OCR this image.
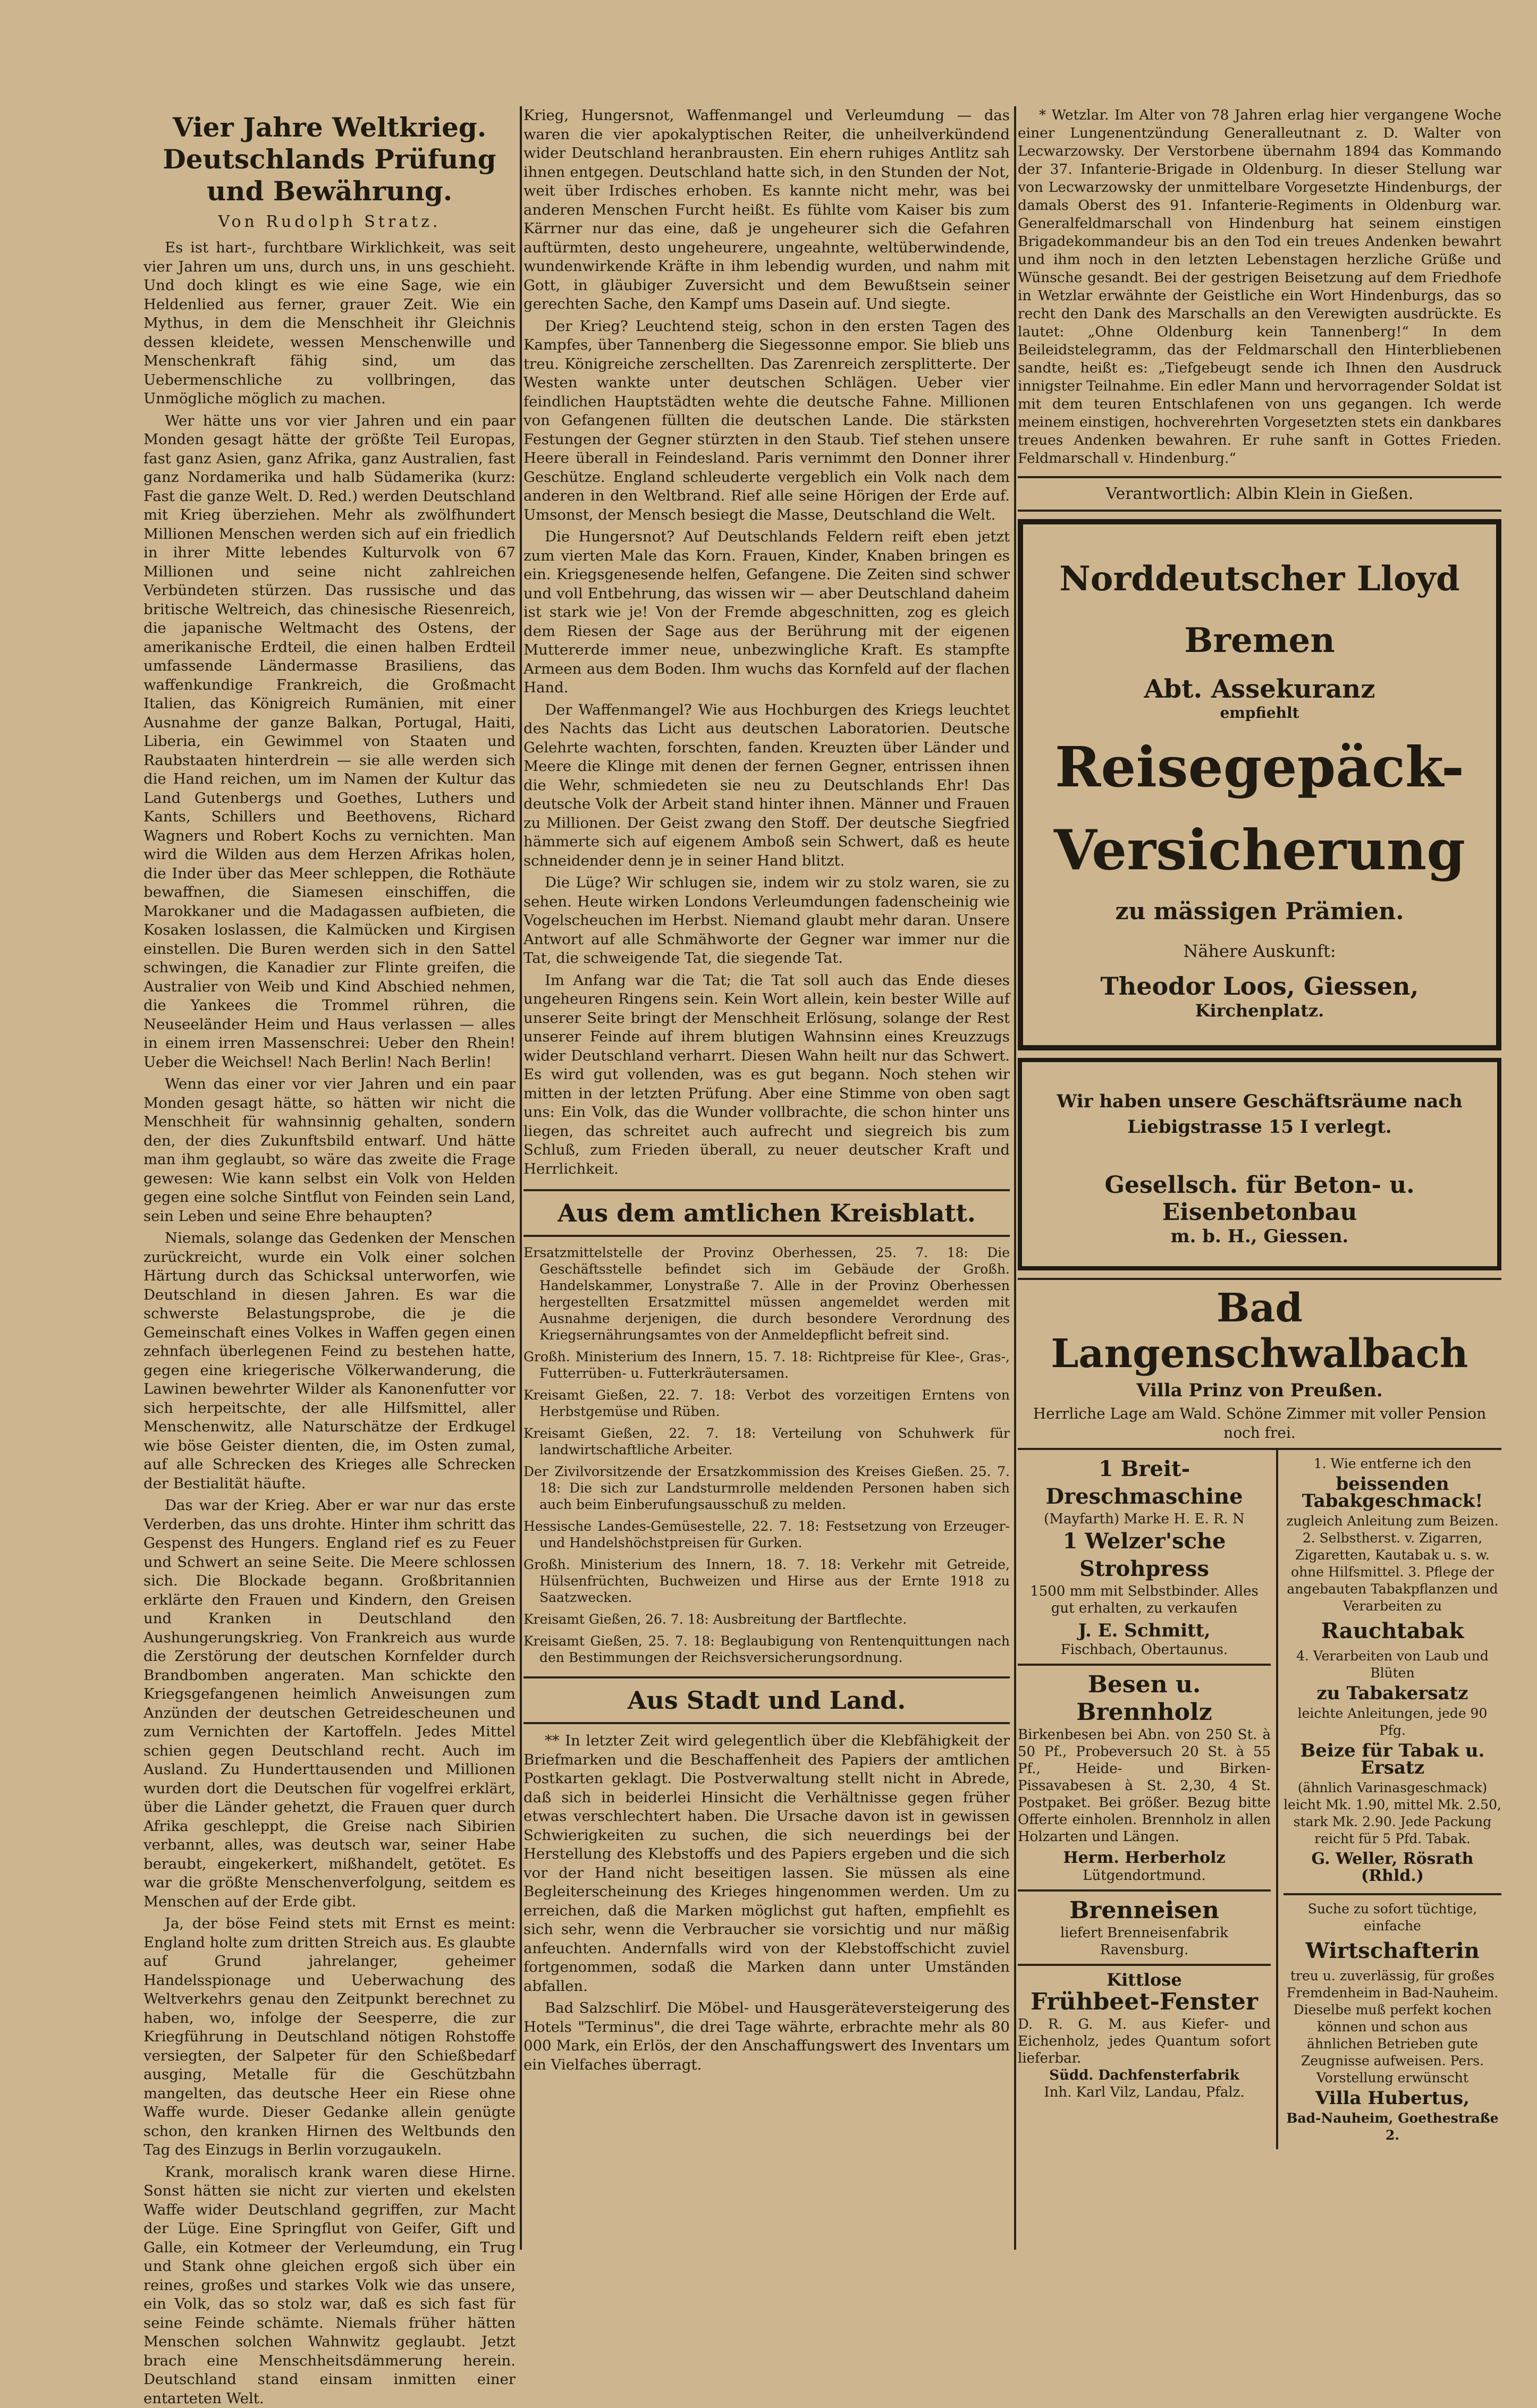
Vier Jahre Weltkrieg. Deutschlands Prüfung und Bewährung.
Von Rudolph Stratz.

Es ist hart-, furchtbare Wirklichkeit, was seit vier Jahren um uns, durch uns, in uns geschieht. Und doch klingt es wie eine Sage, wie ein Heldenlied aus ferner, grauer Zeit. Wie ein Mythus, in dem die Menschheit ihr Gleichnis dessen kleidete, wessen Menschenwille und Menschenkraft fähig sind, um das Uebermenschliche zu vollbringen, das Unmögliche möglich zu machen.

Wer hätte uns vor vier Jahren und ein paar Monden gesagt hätte der größte Teil Europas, fast ganz Asien, ganz Afrika, ganz Australien, fast ganz Nordamerika und halb Südamerika (kurz: Fast die ganze Welt. D. Red.) werden Deutschland mit Krieg überziehen. Mehr als zwölfhundert Millionen Menschen werden sich auf ein friedlich in ihrer Mitte lebendes Kulturvolk von 67 Millionen und seine nicht zahlreichen Verbündeten stürzen. Das russische und das britische Weltreich, das chinesische Riesenreich, die japanische Weltmacht des Ostens, der amerikanische Erdteil, die einen halben Erdteil umfassende Ländermasse Brasiliens, das waffenkundige Frankreich, die Großmacht Italien, das Königreich Rumänien, mit einer Ausnahme der ganze Balkan, Portugal, Haiti, Liberia, ein Gewimmel von Staaten und Raubstaaten hinterdrein — sie alle werden sich die Hand reichen, um im Namen der Kultur das Land Gutenbergs und Goethes, Luthers und Kants, Schillers und Beethovens, Richard Wagners und Robert Kochs zu vernichten. Man wird die Wilden aus dem Herzen Afrikas holen, die Inder über das Meer schleppen, die Rothäute bewaffnen, die Siamesen einschiffen, die Marokkaner und die Madagassen aufbieten, die Kosaken loslassen, die Kalmücken und Kirgisen einstellen. Die Buren werden sich in den Sattel schwingen, die Kanadier zur Flinte greifen, die Australier von Weib und Kind Abschied nehmen, die Yankees die Trommel rühren, die Neuseeländer Heim und Haus verlassen — alles in einem irren Massenschrei: Ueber den Rhein! Ueber die Weichsel! Nach Berlin! Nach Berlin!

Wenn das einer vor vier Jahren und ein paar Monden gesagt hätte, so hätten wir nicht die Menschheit für wahnsinnig gehalten, sondern den, der dies Zukunftsbild entwarf. Und hätte man ihm geglaubt, so wäre das zweite die Frage gewesen: Wie kann selbst ein Volk von Helden gegen eine solche Sintflut von Feinden sein Land, sein Leben und seine Ehre behaupten?

Niemals, solange das Gedenken der Menschen zurückreicht, wurde ein Volk einer solchen Härtung durch das Schicksal unterworfen, wie Deutschland in diesen Jahren. Es war die schwerste Belastungsprobe, die je die Gemeinschaft eines Volkes in Waffen gegen einen zehnfach überlegenen Feind zu bestehen hatte, gegen eine kriegerische Völkerwanderung, die Lawinen bewehrter Wilder als Kanonenfutter vor sich herpeitschte, der alle Hilfsmittel, aller Menschenwitz, alle Naturschätze der Erdkugel wie böse Geister dienten, die, im Osten zumal, auf alle Schrecken des Krieges alle Schrecken der Bestialität häufte.

Das war der Krieg. Aber er war nur das erste Verderben, das uns drohte. Hinter ihm schritt das Gespenst des Hungers. England rief es zu Feuer und Schwert an seine Seite. Die Meere schlossen sich. Die Blockade begann. Großbritannien erklärte den Frauen und Kindern, den Greisen und Kranken in Deutschland den Aushungerungskrieg. Von Frankreich aus wurde die Zerstörung der deutschen Kornfelder durch Brandbomben angeraten. Man schickte den Kriegsgefangenen heimlich Anweisungen zum Anzünden der deutschen Getreidescheunen und zum Vernichten der Kartoffeln. Jedes Mittel schien gegen Deutschland recht. Auch im Ausland. Zu Hunderttausenden und Millionen wurden dort die Deutschen für vogelfrei erklärt, über die Länder gehetzt, die Frauen quer durch Afrika geschleppt, die Greise nach Sibirien verbannt, alles, was deutsch war, seiner Habe beraubt, eingekerkert, mißhandelt, getötet. Es war die größte Menschenverfolgung, seitdem es Menschen auf der Erde gibt.

Ja, der böse Feind stets mit Ernst es meint: England holte zum dritten Streich aus. Es glaubte auf Grund jahrelanger, geheimer Handelsspionage und Ueberwachung des Weltverkehrs genau den Zeitpunkt berechnet zu haben, wo, infolge der Seesperre, die zur Kriegführung in Deutschland nötigen Rohstoffe versiegten, der Salpeter für den Schießbedarf ausging, Metalle für die Geschützbahn mangelten, das deutsche Heer ein Riese ohne Waffe wurde. Dieser Gedanke allein genügte schon, den kranken Hirnen des Weltbunds den Tag des Einzugs in Berlin vorzugaukeln.

Krank, moralisch krank waren diese Hirne. Sonst hätten sie nicht zur vierten und ekelsten Waffe wider Deutschland gegriffen, zur Macht der Lüge. Eine Springflut von Geifer, Gift und Galle, ein Kotmeer der Verleumdung, ein Trug und Stank ohne gleichen ergoß sich über ein reines, großes und starkes Volk wie das unsere, ein Volk, das so stolz war, daß es sich fast für seine Feinde schämte. Niemals früher hätten Menschen solchen Wahnwitz geglaubt. Jetzt brach eine Menschheitsdämmerung herein. Deutschland stand einsam inmitten einer entarteten Welt.

Krieg, Hungersnot, Waffenmangel und Verleumdung — das waren die vier apokalyptischen Reiter, die unheilverkündend wider Deutschland heranbrausten. Ein ehern ruhiges Antlitz sah ihnen entgegen. Deutschland hatte sich, in den Stunden der Not, weit über Irdisches erhoben. Es kannte nicht mehr, was bei anderen Menschen Furcht heißt. Es fühlte vom Kaiser bis zum Kärrner nur das eine, daß je ungeheurer sich die Gefahren auftürmten, desto ungeheurere, ungeahnte, weltüberwindende, wundenwirkende Kräfte in ihm lebendig wurden, und nahm mit Gott, in gläubiger Zuversicht und dem Bewußtsein seiner gerechten Sache, den Kampf ums Dasein auf. Und siegte.

Der Krieg? Leuchtend steig, schon in den ersten Tagen des Kampfes, über Tannenberg die Siegessonne empor. Sie blieb uns treu. Königreiche zerschellten. Das Zarenreich zersplitterte. Der Westen wankte unter deutschen Schlägen. Ueber vier feindlichen Hauptstädten wehte die deutsche Fahne. Millionen von Gefangenen füllten die deutschen Lande. Die stärksten Festungen der Gegner stürzten in den Staub. Tief stehen unsere Heere überall in Feindesland. Paris vernimmt den Donner ihrer Geschütze. England schleuderte vergeblich ein Volk nach dem anderen in den Weltbrand. Rief alle seine Hörigen der Erde auf. Umsonst, der Mensch besiegt die Masse, Deutschland die Welt.

Die Hungersnot? Auf Deutschlands Feldern reift eben jetzt zum vierten Male das Korn. Frauen, Kinder, Knaben bringen es ein. Kriegsgenesende helfen, Gefangene. Die Zeiten sind schwer und voll Entbehrung, das wissen wir — aber Deutschland daheim ist stark wie je! Von der Fremde abgeschnitten, zog es gleich dem Riesen der Sage aus der Berührung mit der eigenen Muttererde immer neue, unbezwingliche Kraft. Es stampfte Armeen aus dem Boden. Ihm wuchs das Kornfeld auf der flachen Hand.

Der Waffenmangel? Wie aus Hochburgen des Kriegs leuchtet des Nachts das Licht aus deutschen Laboratorien. Deutsche Gelehrte wachten, forschten, fanden. Kreuzten über Länder und Meere die Klinge mit denen der fernen Gegner, entrissen ihnen die Wehr, schmiedeten sie neu zu Deutschlands Ehr! Das deutsche Volk der Arbeit stand hinter ihnen. Männer und Frauen zu Millionen. Der Geist zwang den Stoff. Der deutsche Siegfried hämmerte sich auf eigenem Amboß sein Schwert, daß es heute schneidender denn je in seiner Hand blitzt.

Die Lüge? Wir schlugen sie, indem wir zu stolz waren, sie zu sehen. Heute wirken Londons Verleumdungen fadenscheinig wie Vogelscheuchen im Herbst. Niemand glaubt mehr daran. Unsere Antwort auf alle Schmähworte der Gegner war immer nur die Tat, die schweigende Tat, die siegende Tat.

Im Anfang war die Tat; die Tat soll auch das Ende dieses ungeheuren Ringens sein. Kein Wort allein, kein bester Wille auf unserer Seite bringt der Menschheit Erlösung, solange der Rest unserer Feinde auf ihrem blutigen Wahnsinn eines Kreuzzugs wider Deutschland verharrt. Diesen Wahn heilt nur das Schwert. Es wird gut vollenden, was es gut begann. Noch stehen wir mitten in der letzten Prüfung. Aber eine Stimme von oben sagt uns: Ein Volk, das die Wunder vollbrachte, die schon hinter uns liegen, das schreitet auch aufrecht und siegreich bis zum Schluß, zum Frieden überall, zu neuer deutscher Kraft und Herrlichkeit.

Aus dem amtlichen Kreisblatt.
Ersatzmittelstelle der Provinz Oberhessen, 25. 7. 18: Die Geschäftsstelle befindet sich im Gebäude der Großh. Handelskammer, Lonystraße 7. Alle in der Provinz Oberhessen hergestellten Ersatzmittel müssen angemeldet werden mit Ausnahme derjenigen, die durch besondere Verordnung des Kriegsernährungsamtes von der Anmeldepflicht befreit sind.
Großh. Ministerium des Innern, 15. 7. 18: Richtpreise für Klee-, Gras-, Futterrüben- u. Futterkräutersamen.
Kreisamt Gießen, 22. 7. 18: Verbot des vorzeitigen Erntens von Herbstgemüse und Rüben.
Kreisamt Gießen, 22. 7. 18: Verteilung von Schuhwerk für landwirtschaftliche Arbeiter.
Der Zivilvorsitzende der Ersatzkommission des Kreises Gießen. 25. 7. 18: Die sich zur Landsturmrolle meldenden Personen haben sich auch beim Einberufungsausschuß zu melden.
Hessische Landes-Gemüsestelle, 22. 7. 18: Festsetzung von Erzeuger- und Handelshöchstpreisen für Gurken.
Großh. Ministerium des Innern, 18. 7. 18: Verkehr mit Getreide, Hülsenfrüchten, Buchweizen und Hirse aus der Ernte 1918 zu Saatzwecken.
Kreisamt Gießen, 26. 7. 18: Ausbreitung der Bartflechte.
Kreisamt Gießen, 25. 7. 18: Beglaubigung von Rentenquittungen nach den Bestimmungen der Reichsversicherungsordnung.
Aus Stadt und Land.

** In letzter Zeit wird gelegentlich über die Klebfähigkeit der Briefmarken und die Beschaffenheit des Papiers der amtlichen Postkarten geklagt. Die Postverwaltung stellt nicht in Abrede, daß sich in beiderlei Hinsicht die Verhältnisse gegen früher etwas verschlechtert haben. Die Ursache davon ist in gewissen Schwierigkeiten zu suchen, die sich neuerdings bei der Herstellung des Klebstoffs und des Papiers ergeben und die sich vor der Hand nicht beseitigen lassen. Sie müssen als eine Begleiterscheinung des Krieges hingenommen werden. Um zu erreichen, daß die Marken möglichst gut haften, empfiehlt es sich sehr, wenn die Verbraucher sie vorsichtig und nur mäßig anfeuchten. Andernfalls wird von der Klebstoffschicht zuviel fortgenommen, sodaß die Marken dann unter Umständen abfallen.

Bad Salzschlirf. Die Möbel- und Hausgeräteversteigerung des Hotels "Terminus", die drei Tage währte, erbrachte mehr als 80 000 Mark, ein Erlös, der den Anschaffungswert des Inventars um ein Vielfaches überragt.

* Wetzlar. Im Alter von 78 Jahren erlag hier vergangene Woche einer Lungenentzündung Generalleutnant z. D. Walter von Lecwarzowsky. Der Verstorbene übernahm 1894 das Kommando der 37. Infanterie-Brigade in Oldenburg. In dieser Stellung war von Lecwarzowsky der unmittelbare Vorgesetzte Hindenburgs, der damals Oberst des 91. Infanterie-Regiments in Oldenburg war. Generalfeldmarschall von Hindenburg hat seinem einstigen Brigadekommandeur bis an den Tod ein treues Andenken bewahrt und ihm noch in den letzten Lebenstagen herzliche Grüße und Wünsche gesandt. Bei der gestrigen Beisetzung auf dem Friedhofe in Wetzlar erwähnte der Geistliche ein Wort Hindenburgs, das so recht den Dank des Marschalls an den Verewigten ausdrückte. Es lautet: „Ohne Oldenburg kein Tannenberg!“ In dem Beileidstelegramm, das der Feldmarschall den Hinterbliebenen sandte, heißt es: „Tiefgebeugt sende ich Ihnen den Ausdruck innigster Teilnahme. Ein edler Mann und hervorragender Soldat ist mit dem teuren Entschlafenen von uns gegangen. Ich werde meinem einstigen, hochverehrten Vorgesetzten stets ein dankbares treues Andenken bewahren. Er ruhe sanft in Gottes Frieden. Feldmarschall v. Hindenburg.“

Verantwortlich: Albin Klein in Gießen.
Norddeutscher Lloyd
Bremen
Abt. Assekuranz
empfiehlt
Reisegepäck-
Versicherung
zu mässigen Prämien.
Nähere Auskunft:
Theodor Loos, Giessen,
Kirchenplatz.
Wir haben unsere Geschäftsräume nach Liebigstrasse 15 I verlegt.
Gesellsch. für Beton- u. Eisenbetonbau
m. b. H., Giessen.
Bad Langenschwalbach
Villa Prinz von Preußen.
Herrliche Lage am Wald. Schöne Zimmer mit voller Pension noch frei.
1 Breit-Dreschmaschine
(Mayfarth) Marke H. E. R. N
1 Welzer'sche Strohpress
1500 mm mit Selbstbinder. Alles gut erhalten, zu verkaufen
J. E. Schmitt,
Fischbach, Obertaunus.
Besen u. Brennholz
Birkenbesen bei Abn. von 250 St. à 50 Pf., Probeversuch 20 St. à 55 Pf., Heide- und Birken-Pissavabesen à St. 2,30, 4 St. Postpaket. Bei größer. Bezug bitte Offerte einholen. Brennholz in allen Holzarten und Längen.
Herm. Herberholz
Lütgendortmund.
Brenneisen
liefert Brenneisenfabrik Ravensburg.
Kittlose
Frühbeet-Fenster
D. R. G. M. aus Kiefer- und Eichenholz, jedes Quantum sofort lieferbar.
Südd. Dachfensterfabrik
Inh. Karl Vilz, Landau, Pfalz.
1. Wie entferne ich den
beissenden Tabakgeschmack!
zugleich Anleitung zum Beizen. 2. Selbstherst. v. Zigarren, Zigaretten, Kautabak u. s. w. ohne Hilfsmittel. 3. Pflege der angebauten Tabakpflanzen und Verarbeiten zu
Rauchtabak
4. Verarbeiten von Laub und Blüten
zu Tabakersatz
leichte Anleitungen, jede 90 Pfg.
Beize für Tabak u. Ersatz
(ähnlich Varinasgeschmack) leicht Mk. 1.90, mittel Mk. 2.50, stark Mk. 2.90. Jede Packung reicht für 5 Pfd. Tabak.
G. Weller, Rösrath (Rhld.)
Suche zu sofort tüchtige, einfache
Wirtschafterin
treu u. zuverlässig, für großes Fremdenheim in Bad-Nauheim. Dieselbe muß perfekt kochen können und schon aus ähnlichen Betrieben gute Zeugnisse aufweisen. Pers. Vorstellung erwünscht
Villa Hubertus,
Bad-Nauheim, Goethestraße 2.
